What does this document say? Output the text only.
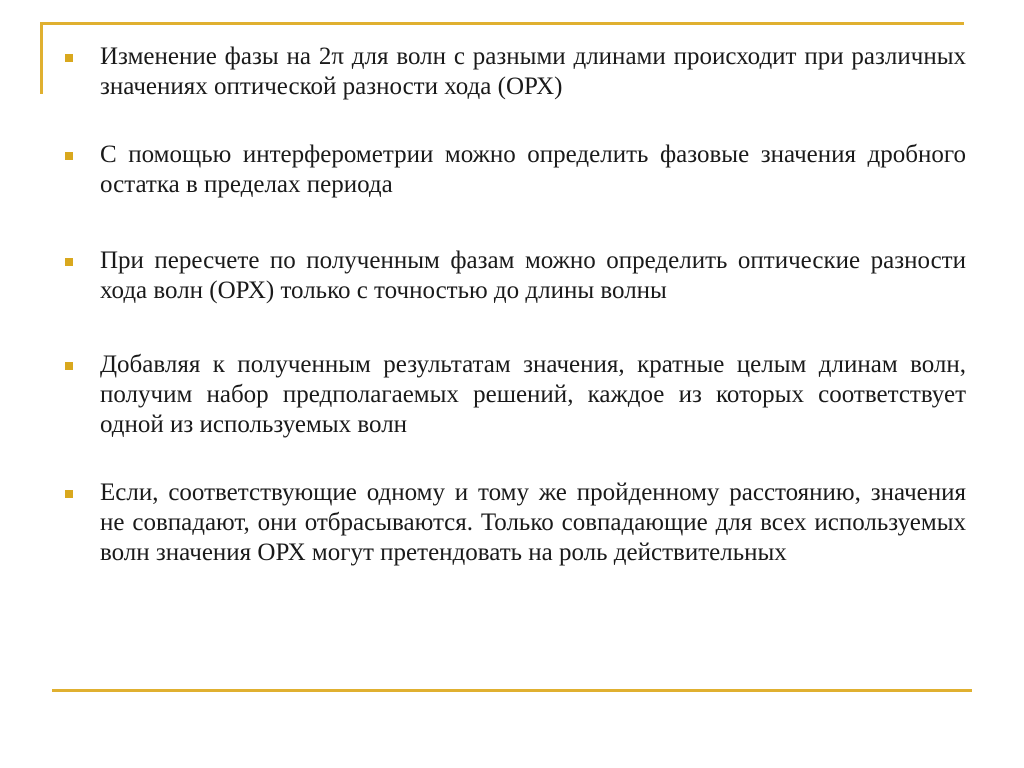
Изменение фазы на 2π для волн с разными длинами происходит при различных значениях оптической разности хода (ОРХ)
С помощью интерферометрии можно определить фазовые значения дробного остатка в пределах периода
При пересчете по полученным фазам можно определить оптические разности хода волн (ОРХ) только с точностью до длины волны
Добавляя к полученным результатам значения, кратные целым длинам волн, получим набор предполагаемых решений, каждое из которых соответствует одной из используемых волн
Если, соответствующие одному и тому же пройденному расстоянию, значения не совпадают, они отбрасываются. Только совпадающие для всех используемых волн значения ОРХ могут претендовать на роль действительных
